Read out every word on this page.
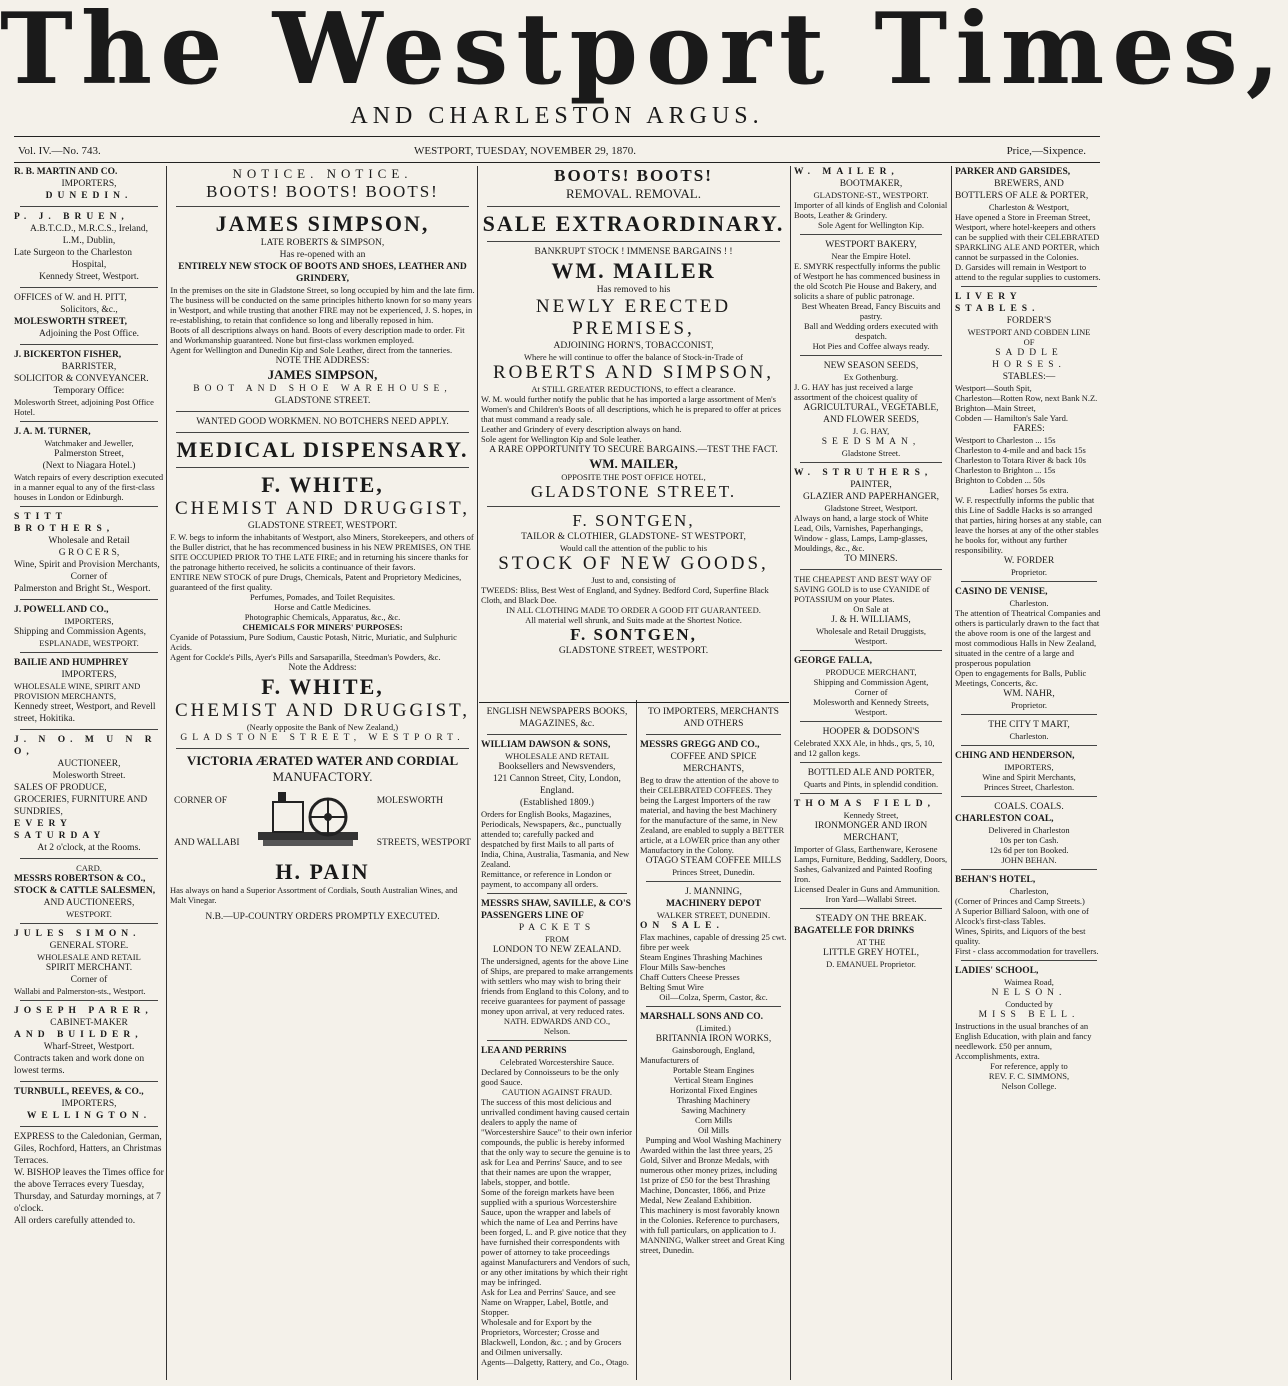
The Westport Times,
AND CHARLESTON ARGUS.
Vol. IV.—No. 743.	WESTPORT, TUESDAY, NOVEMBER 29, 1870.	Price,—Sixpence.
R. B. MARTIN AND CO.
IMPORTERS,
DUNEDIN.
P. J. BRUEN,
A.B.T.C.D., M.R.C.S., Ireland,
L.M., Dublin,
Late Surgeon to the Charleston
Hospital,
Kennedy Street, Westport.
OFFICES of W. and H. PITT,
Solicitors, &c.,
MOLESWORTH STREET,
Adjoining the Post Office.
J. BICKERTON FISHER,
BARRISTER,
SOLICITOR & CONVEYANCER.
Temporary Office:
Molesworth Street, adjoining Post Office Hotel.
J. A. M. TURNER,
Watchmaker and Jeweller,
Palmerston Street,
(Next to Niagara Hotel.)
Watch repairs of every description executed in a manner equal to any of the first-class houses in London or Edinburgh.
STITT BROTHERS,
Wholesale and Retail
G R O C E R S,
Wine, Spirit and Provision Merchants,
Corner of
Palmerston and Bright St., Wesport.
J. POWELL AND CO.,
IMPORTERS,
Shipping and Commission Agents,
ESPLANADE, WESTPORT.
BAILIE AND HUMPHREY
IMPORTERS,
WHOLESALE WINE, SPIRIT AND PROVISION MERCHANTS,
Kennedy street, Westport, and Revell street, Hokitika.
J. N O. M U N R O,
AUCTIONEER,
Molesworth Street.
SALES OF PRODUCE, GROCERIES, FURNITURE AND SUNDRIES,
EVERY SATURDAY
At 2 o'clock, at the Rooms.
CARD.
MESSRS ROBERTSON & CO.,
STOCK & CATTLE SALESMEN,
AND AUCTIONEERS,
WESTPORT.
JULES SIMON.
GENERAL STORE.
WHOLESALE AND RETAIL
SPIRIT MERCHANT.
Corner of
Wallabi and Palmerston-sts., Westport.
JOSEPH PARER,
CABINET-MAKER
AND BUILDER,
Wharf-Street, Westport.
Contracts taken and work done on lowest terms.
TURNBULL, REEVES, & CO.,
IMPORTERS,
WELLINGTON.
EXPRESS to the Caledonian, German, Giles, Rochford, Hatters, an Christmas Terraces.
W. BISHOP leaves the Times office for the above Terraces every Tuesday, Thursday, and Saturday mornings, at 7 o'clock.
All orders carefully attended to.
NOTICE. NOTICE.
BOOTS! BOOTS! BOOTS!
JAMES SIMPSON,
LATE ROBERTS & SIMPSON,
Has re-opened with an
ENTIRELY NEW STOCK OF BOOTS AND SHOES, LEATHER AND GRINDERY,
In the premises on the site in Gladstone Street, so long occupied by him and the late firm.
The business will be conducted on the same principles hitherto known for so many years in Westport, and while trusting that another FIRE may not be experienced, J. S. hopes, in re-establishing, to retain that confidence so long and liberally reposed in him.
Boots of all descriptions always on hand. Boots of every description made to order. Fit and Workmanship guaranteed. None but first-class workmen employed.
Agent for Wellington and Dunedin Kip and Sole Leather, direct from the tanneries.
NOTE THE ADDRESS:
JAMES SIMPSON,
BOOT AND SHOE WAREHOUSE,
GLADSTONE STREET.
WANTED GOOD WORKMEN. NO BOTCHERS NEED APPLY.
MEDICAL DISPENSARY.
F. WHITE,
CHEMIST AND DRUGGIST,
GLADSTONE STREET, WESTPORT.
F. W. begs to inform the inhabitants of Westport, also Miners, Storekeepers, and others of the Buller district, that he has recommenced business in his NEW PREMISES, ON THE SITE OCCUPIED PRIOR TO THE LATE FIRE; and in returning his sincere thanks for the patronage hitherto received, he solicits a continuance of their favors.
ENTIRE NEW STOCK of pure Drugs, Chemicals, Patent and Proprietory Medicines, guaranteed of the first quality.
Perfumes, Pomades, and Toilet Requisites.
Horse and Cattle Medicines.
Photographic Chemicals, Apparatus, &c., &c.
CHEMICALS FOR MINERS' PURPOSES:
Cyanide of Potassium, Pure Sodium, Caustic Potash, Nitric, Muriatic, and Sulphuric Acids.
Agent for Cockle's Pills, Ayer's Pills and Sarsaparilla, Steedman's Powders, &c.
Note the Address:
F. WHITE,
CHEMIST AND DRUGGIST,
(Nearly opposite the Bank of New Zealand,)
GLADSTONE STREET, WESTPORT.
VICTORIA ÆRATED WATER AND CORDIAL
MANUFACTORY.
CORNER OF
AND WALLABI
MOLESWORTH
STREETS, WESTPORT
H. PAIN
Has always on hand a Superior Assortment of Cordials, South Australian Wines, and Malt Vinegar.
N.B.—UP-COUNTRY ORDERS PROMPTLY EXECUTED.
BOOTS! BOOTS!
REMOVAL. REMOVAL.
SALE EXTRAORDINARY.
BANKRUPT STOCK ! IMMENSE BARGAINS ! !
WM. MAILER
Has removed to his
NEWLY ERECTED PREMISES,
ADJOINING HORN'S, TOBACCONIST,
Where he will continue to offer the balance of Stock-in-Trade of
ROBERTS AND SIMPSON,
At STILL GREATER REDUCTIONS, to effect a clearance.
W. M. would further notify the public that he has imported a large assortment of Men's Women's and Children's Boots of all descriptions, which he is prepared to offer at prices that must command a ready sale.
Leather and Grindery of every description always on hand.
Sole agent for Wellington Kip and Sole leather.
A RARE OPPORTUNITY TO SECURE BARGAINS.—TEST THE FACT.
WM. MAILER,
OPPOSITE THE POST OFFICE HOTEL,
GLADSTONE STREET.
F. SONTGEN,
TAILOR & CLOTHIER, GLADSTONE- ST WESTPORT,
Would call the attention of the public to his
STOCK OF NEW GOODS,
Just to and, consisting of
TWEEDS: Bliss, Best West of England, and Sydney. Bedford Cord, Superfine Black Cloth, and Black Doe.
IN ALL CLOTHING MADE TO ORDER A GOOD FIT GUARANTEED.
All material well shrunk, and Suits made at the Shortest Notice.
F. SONTGEN,
GLADSTONE STREET, WESTPORT.
ENGLISH NEWSPAPERS BOOKS, MAGAZINES, &c.
WILLIAM DAWSON & SONS,
WHOLESALE AND RETAIL
Booksellers and Newsvenders,
121 Cannon Street, City, London, England.
(Established 1809.)
Orders for English Books, Magazines, Periodicals, Newspapers, &c., punctually attended to; carefully packed and despatched by first Mails to all parts of India, China, Australia, Tasmania, and New Zealand.
Remittance, or reference in London or payment, to accompany all orders.
MESSRS SHAW, SAVILLE, & CO'S PASSENGERS LINE OF
PACKETS
FROM
LONDON TO NEW ZEALAND.
The undersigned, agents for the above Line of Ships, are prepared to make arrangements with settlers who may wish to bring their friends from England to this Colony, and to receive guarantees for payment of passage money upon arrival, at very reduced rates.
NATH. EDWARDS AND CO.,
Nelson.
LEA AND PERRINS
Celebrated Worcestershire Sauce.
Declared by Connoisseurs to be the only good Sauce.
CAUTION AGAINST FRAUD.
The success of this most delicious and unrivalled condiment having caused certain dealers to apply the name of "Worcestershire Sauce" to their own inferior compounds, the public is hereby informed that the only way to secure the genuine is to ask for Lea and Perrins' Sauce, and to see that their names are upon the wrapper, labels, stopper, and bottle.
Some of the foreign markets have been supplied with a spurious Worcestershire Sauce, upon the wrapper and labels of which the name of Lea and Perrins have been forged, L. and P. give notice that they have furnished their correspondents with power of attorney to take proceedings against Manufacturers and Vendors of such, or any other imitations by which their right may be infringed.
Ask for Lea and Perrins' Sauce, and see Name on Wrapper, Label, Bottle, and Stopper.
Wholesale and for Export by the Proprietors, Worcester; Crosse and Blackwell, London, &c. ; and by Grocers and Oilmen universally.
Agents—Dalgetty, Rattery, and Co., Otago.
TO IMPORTERS, MERCHANTS
AND OTHERS
MESSRS GREGG AND CO.,
COFFEE AND SPICE
MERCHANTS,
Beg to draw the attention of the above to their CELEBRATED COFFEES. They being the Largest Importers of the raw material, and having the best Machinery for the manufacture of the same, in New Zealand, are enabled to supply a BETTER article, at a LOWER price than any other Manufactory in the Colony.
OTAGO STEAM COFFEE MILLS
Princes Street, Dunedin.
J. MANNING,
MACHINERY DEPOT
WALKER STREET, DUNEDIN.
ON SALE.
Flax machines, capable of dressing 25 cwt. fibre per week
Steam Engines Thrashing Machines
Flour Mills Saw-benches
Chaff Cutters Cheese Presses
Belting Smut Wire
Oil—Colza, Sperm, Castor, &c.
MARSHALL SONS AND CO.
(Limited.)
BRITANNIA IRON WORKS,
Gainsborough, England,
Manufacturers of
Portable Steam Engines
Vertical Steam Engines
Horizontal Fixed Engines
Thrashing Machinery
Sawing Machinery
Corn Mills
Oil Mills
Pumping and Wool Washing Machinery
Awarded within the last three years, 25 Gold, Silver and Bronze Medals, with numerous other money prizes, including 1st prize of £50 for the best Thrashing Machine, Doncaster, 1866, and Prize Medal, New Zealand Exhibition.
This machinery is most favorably known in the Colonies. Reference to purchasers, with full particulars, on application to J. MANNING, Walker street and Great King street, Dunedin.
W. MAILER,
BOOTMAKER,
GLADSTONE-ST., WESTPORT.
Importer of all kinds of English and Colonial Boots, Leather & Grindery.
Sole Agent for Wellington Kip.
WESTPORT BAKERY,
Near the Empire Hotel.
E. SMYRK respectfully informs the public of Westport he has commenced business in the old Scotch Pie House and Bakery, and solicits a share of public patronage.
Best Wheaten Bread, Fancy Biscuits and pastry.
Ball and Wedding orders executed with despatch.
Hot Pies and Coffee always ready.
NEW SEASON SEEDS,
Ex Gothenburg.
J. G. HAY has just received a large assortment of the choicest quality of
AGRICULTURAL, VEGETABLE,
AND FLOWER SEEDS,
J. G. HAY,
SEEDSMAN,
Gladstone Street.
W. STRUTHERS,
PAINTER,
GLAZIER AND PAPERHANGER,
Gladstone Street, Westport.
Always on hand, a large stock of White Lead, Oils, Varnishes, Paperhangings, Window - glass, Lamps, Lamp-glasses, Mouldings, &c., &c.
TO MINERS.
THE CHEAPEST AND BEST WAY OF SAVING GOLD is to use CYANIDE of POTASSIUM on your Plates.
On Sale at
J. & H. WILLIAMS,
Wholesale and Retail Druggists,
Westport.
GEORGE FALLA,
PRODUCE MERCHANT,
Shipping and Commission Agent,
Corner of
Molesworth and Kennedy Streets,
Westport.
HOOPER & DODSON'S
Celebrated XXX Ale, in hhds., qrs, 5, 10, and 12 gallon kegs.
BOTTLED ALE AND PORTER,
Quarts and Pints, in splendid condition.
THOMAS FIELD,
Kennedy Street,
IRONMONGER AND IRON MERCHANT,
Importer of Glass, Earthenware, Kerosene Lamps, Furniture, Bedding, Saddlery, Doors, Sashes, Galvanized and Painted Roofing Iron.
Licensed Dealer in Guns and Ammunition.
Iron Yard—Wallabi Street.
STEADY ON THE BREAK.
BAGATELLE FOR DRINKS
AT THE
LITTLE GREY HOTEL,
D. EMANUEL Proprietor.
PARKER AND GARSIDES,
BREWERS, AND
BOTTLERS OF ALE & PORTER,
Charleston & Westport,
Have opened a Store in Freeman Street, Westport, where hotel-keepers and others can be supplied with their CELEBRATED SPARKLING ALE AND PORTER, which cannot be surpassed in the Colonies.
D. Garsides will remain in Westport to attend to the regular supplies to customers.
LIVERY STABLES.
FORDER'S
WESTPORT AND COBDEN LINE
OF
SADDLE HORSES.
STABLES:—
Westport—South Spit,
Charleston—Rotten Row, next Bank N.Z.
Brighton—Main Street,
Cobden — Hamilton's Sale Yard.
FARES:
Westport to Charleston ... 15s
Charleston to 4-mile and and back 15s
Charleston to Totara River & back 10s
Charleston to Brighton ... 15s
Brighton to Cobden ... 50s
Ladies' horses 5s extra.
W. F. respectfully informs the public that this Line of Saddle Hacks is so arranged that parties, hiring horses at any stable, can leave the horses at any of the other stables he books for, without any further responsibility.
W. FORDER
Proprietor.
CASINO DE VENISE,
Charleston.
The attention of Theatrical Companies and others is particularly drawn to the fact that the above room is one of the largest and most commodious Halls in New Zealand, situated in the centre of a large and prosperous population
Open to engagements for Balls, Public Meetings, Concerts, &c.
WM. NAHR,
Proprietor.
THE CITY T MART,
Charleston.
CHING AND HENDERSON,
IMPORTERS,
Wine and Spirit Merchants,
Princes Street, Charleston.
COALS. COALS.
CHARLESTON COAL,
Delivered in Charleston
10s per ton Cash.
12s 6d per ton Booked.
JOHN BEHAN.
BEHAN'S HOTEL,
Charleston,
(Corner of Princes and Camp Streets.)
A Superior Billiard Saloon, with one of Alcock's first-class Tables.
Wines, Spirits, and Liquors of the best quality.
First - class accommodation for travellers.
LADIES' SCHOOL,
Waimea Road,
NELSON.
Conducted by
MISS BELL.
Instructions in the usual branches of an English Education, with plain and fancy needlework. £50 per annum, Accomplishments, extra.
For reference, apply to
REV. F. C. SIMMONS,
Nelson College.
